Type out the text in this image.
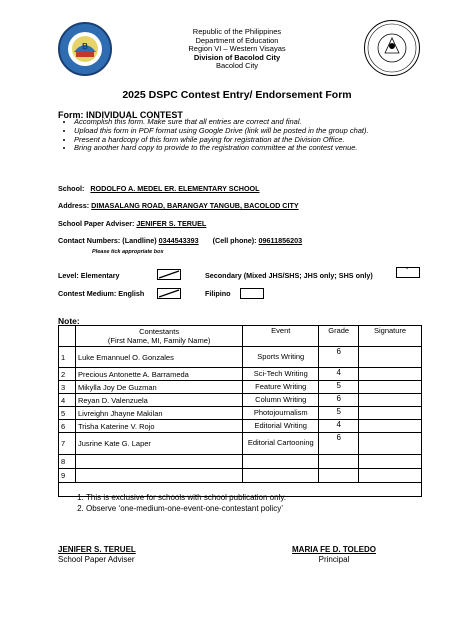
B
Republic of the Philippines
Department of Education
Region VI – Western Visayas
Division of Bacolod City
Bacolod City
2025 DSPC Contest Entry/ Endorsement Form
Form: INDIVIDUAL CONTEST
• Accomplish this form. Make sure that all entries are correct and final.
• Upload this form in PDF format using Google Drive (link will be posted in the group chat).
• Present a hardcopy of this form while paying for registration at the Division Office.
• Bring another hard copy to provide to the registration committee at the contest venue.
School:   RODOLFO A. MEDEL ER. ELEMENTARY SCHOOL
Address: DIMASALANG ROAD, BARANGAY TANGUB, BACOLOD CITY
School Paper Adviser: JENIFER S. TERUEL
Contact Numbers: (Landline) 0344543393 (Cell phone): 09611856203
Please tick appropriate box
Level: Elementary	Secondary (Mixed JHS/SHS; JHS only; SHS only)
-
Contest Medium: English	Filipino
Note:

	Contestants
(First Name, MI, Family Name)	Event	Grade	Signature
1	Luke Emannuel O. Gonzales	Sports Writing	6	
2	Precious Antonette A. Barrameda	Sci-Tech Writing	4	
3	Mikylla Joy De Guzman	Feature Writing	5	
4	Reyan D. Valenzuela	Column Writing	6	
5	Livreighn Jhayne Makilan	Photojournalism	5	
6	Trisha Katerine V. Rojo	Editorial Writing	4	
7	Jusrine Kate G. Laper	Editorial Cartooning	6	
8				
9				

1. This is exclusive for schools with school publication only.
2. Observe ‘one-medium-one-event-one-contestant policy’
JENIFER S. TERUEL
School Paper Adviser
MARIA FE D. TOLEDO
Principal
